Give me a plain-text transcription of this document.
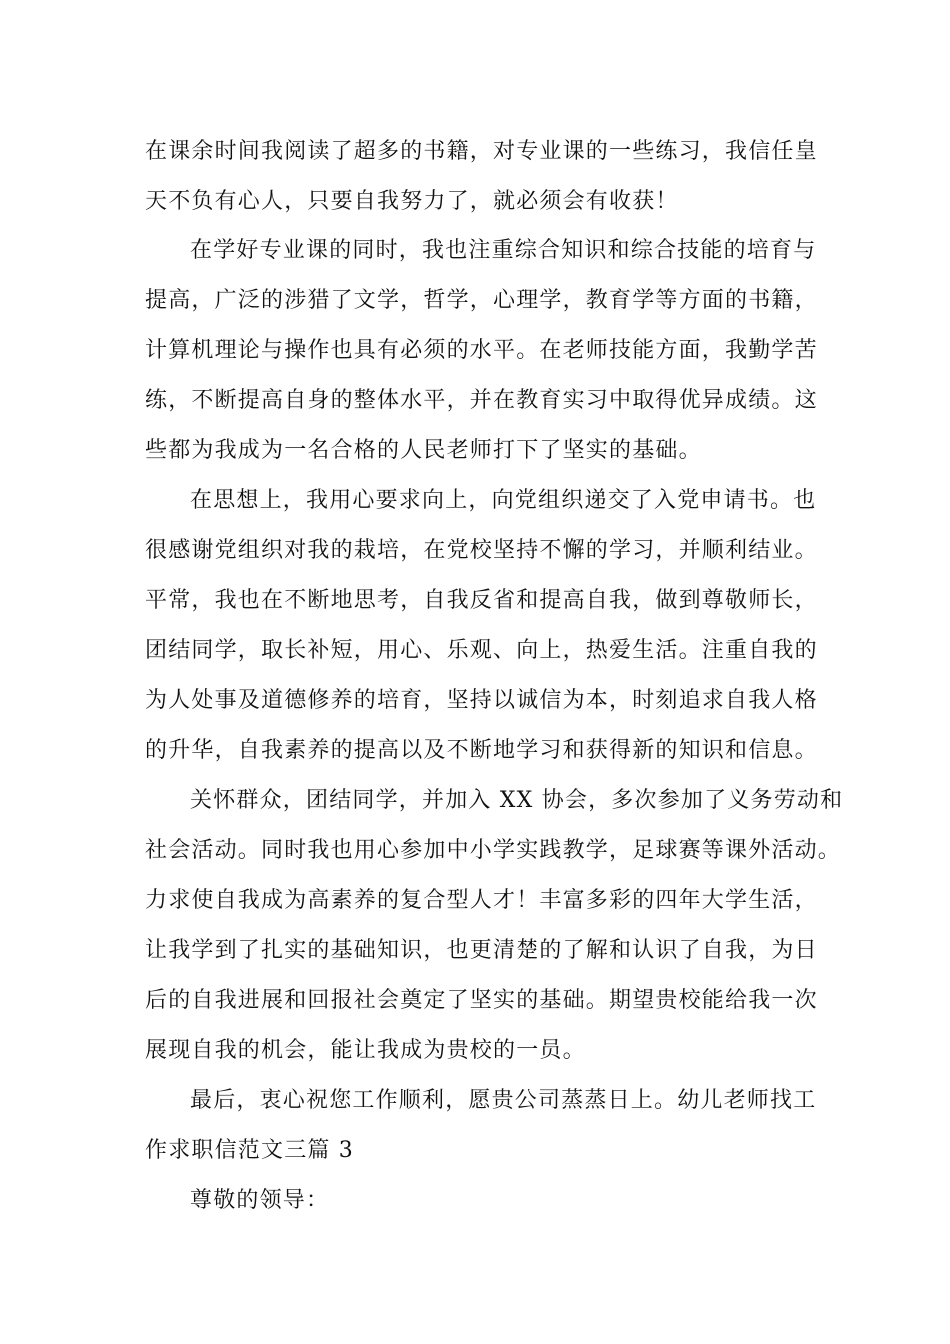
在课余时间我阅读了超多的书籍，对专业课的一些练习，我信任皇
天不负有心人，只要自我努力了，就必须会有收获！
在学好专业课的同时，我也注重综合知识和综合技能的培育与
提高，广泛的涉猎了文学，哲学，心理学，教育学等方面的书籍，
计算机理论与操作也具有必须的水平。在老师技能方面，我勤学苦
练，不断提高自身的整体水平，并在教育实习中取得优异成绩。这
些都为我成为一名合格的人民老师打下了坚实的基础。
在思想上，我用心要求向上，向党组织递交了入党申请书。也
很感谢党组织对我的栽培，在党校坚持不懈的学习，并顺利结业。
平常，我也在不断地思考，自我反省和提高自我，做到尊敬师长，
团结同学，取长补短，用心、乐观、向上，热爱生活。注重自我的
为人处事及道德修养的培育，坚持以诚信为本，时刻追求自我人格
的升华，自我素养的提高以及不断地学习和获得新的知识和信息。
关怀群众，团结同学，并加入 XX 协会，多次参加了义务劳动和
社会活动。同时我也用心参加中小学实践教学，足球赛等课外活动。
力求使自我成为高素养的复合型人才！丰富多彩的四年大学生活，
让我学到了扎实的基础知识，也更清楚的了解和认识了自我，为日
后的自我进展和回报社会奠定了坚实的基础。期望贵校能给我一次
展现自我的机会，能让我成为贵校的一员。
最后，衷心祝您工作顺利，愿贵公司蒸蒸日上。幼儿老师找工
作求职信范文三篇 3
尊敬的领导：
